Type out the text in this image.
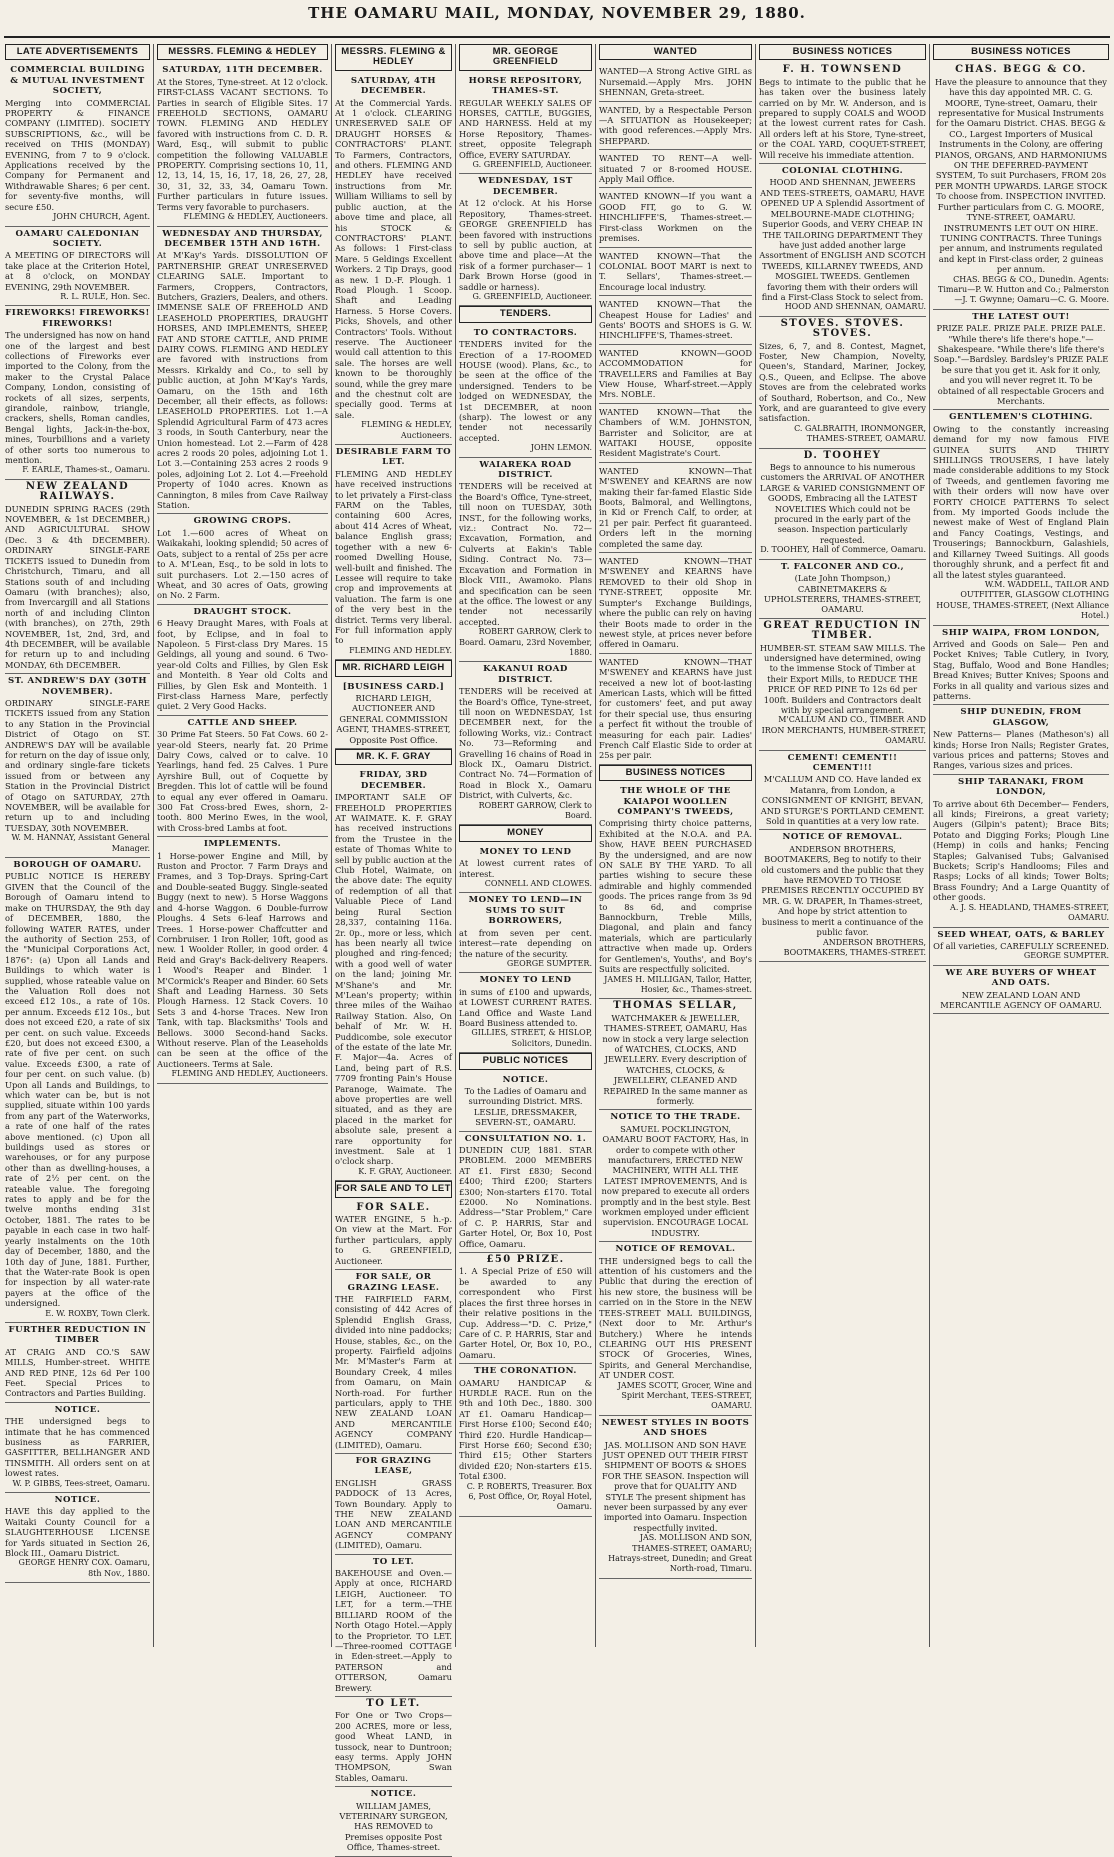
THE OAMARU MAIL, MONDAY, NOVEMBER 29, 1880.
LATE ADVERTISEMENTS
COMMERCIAL BUILDING & MUTUAL INVESTMENT SOCIETY,
Merging into COMMERCIAL PROPERTY & FINANCE COMPANY (LIMITED). SOCIETY SUBSCRIPTIONS, &c., will be received on THIS (MONDAY) EVENING, from 7 to 9 o'clock. Applications received by the Company for Permanent and Withdrawable Shares; 6 per cent. for seventy-five months, will secure £50.
JOHN CHURCH, Agent.
OAMARU CALEDONIAN SOCIETY.
A MEETING OF DIRECTORS will take place at the Criterion Hotel, at 8 o'clock, on MONDAY EVENING, 29th NOVEMBER.
R. L. RULE, Hon. Sec.
FIREWORKS! FIREWORKS! FIREWORKS!
The undersigned has now on hand one of the largest and best collections of Fireworks ever imported to the Colony, from the maker to the Crystal Palace Company, London, consisting of rockets of all sizes, serpents, girandole, rainbow, triangle, crackers, shells, Roman candles, Bengal lights, Jack-in-the-box, mines, Tourbillions and a variety of other sorts too numerous to mention.
F. EARLE, Thames-st., Oamaru.
NEW ZEALAND RAILWAYS.
DUNEDIN SPRING RACES (29th NOVEMBER, & 1st DECEMBER,) AND AGRICULTURAL SHOW (Dec. 3 & 4th DECEMBER). ORDINARY SINGLE-FARE TICKETS issued to Dunedin from Christchurch, Timaru, and all Stations south of and including Oamaru (with branches); also, from Invercargill and all Stations north of and including Clinton (with branches), on 27th, 29th NOVEMBER, 1st, 2nd, 3rd, and 4th DECEMBER, will be available for return up to and including MONDAY, 6th DECEMBER.
ST. ANDREW'S DAY (30TH NOVEMBER).
ORDINARY SINGLE-FARE TICKETS issued from any Station to any Station in the Provincial District of Otago on ST. ANDREW'S DAY will be available for return on the day of issue only, and ordinary single-fare tickets issued from or between any Station in the Provincial District of Otago on SATURDAY, 27th NOVEMBER, will be available for return up to and including TUESDAY, 30th NOVEMBER.
W. M. HANNAY, Assistant General Manager.
BOROUGH OF OAMARU.
PUBLIC NOTICE IS HEREBY GIVEN that the Council of the Borough of Oamaru intend to make on THURSDAY, the 9th day of DECEMBER, 1880, the following WATER RATES, under the authority of Section 253, of the "Municipal Corporations Act, 1876": (a) Upon all Lands and Buildings to which water is supplied, whose rateable value on the Valuation Roll does not exceed £12 10s., a rate of 10s. per annum. Exceeds £12 10s., but does not exceed £20, a rate of six per cent. on such value. Exceeds £20, but does not exceed £300, a rate of five per cent. on such value. Exceeds £300, a rate of four per cent. on such value. (b) Upon all Lands and Buildings, to which water can be, but is not supplied, situate within 100 yards from any part of the Waterworks, a rate of one half of the rates above mentioned. (c) Upon all buildings used as stores or warehouses, or for any purpose other than as dwelling-houses, a rate of 2½ per cent. on the rateable value. The foregoing rates to apply and be for the twelve months ending 31st October, 1881. The rates to be payable in each case in two half-yearly instalments on the 10th day of December, 1880, and the 10th day of June, 1881. Further, that the Water-rate Book is open for inspection by all water-rate payers at the office of the undersigned.
E. W. ROXBY, Town Clerk.
FURTHER REDUCTION IN TIMBER
AT CRAIG AND CO.'S SAW MILLS, Humber-street. WHITE AND RED PINE, 12s 6d Per 100 Feet. Special Prices to Contractors and Parties Building.
NOTICE.
THE undersigned begs to intimate that he has commenced business as FARRIER, GASFITTER, BELLHANGER AND TINSMITH. All orders sent on at lowest rates.
W. P. GIBBS, Tees-street, Oamaru.
NOTICE.
HAVE this day applied to the Waitaki County Council for a SLAUGHTERHOUSE LICENSE for Yards situated in Section 26, Block III., Oamaru District.
GEORGE HENRY COX. Oamaru, 8th Nov., 1880.
MESSRS. FLEMING & HEDLEY
SATURDAY, 11TH DECEMBER.
At the Stores, Tyne-street. At 12 o'clock. FIRST-CLASS VACANT SECTIONS. To Parties in search of Eligible Sites. 17 FREEHOLD SECTIONS, OAMARU TOWN. FLEMING AND HEDLEY favored with instructions from C. D. R. Ward, Esq., will submit to public competition the following VALUABLE PROPERTY. Comprising sections 10, 11, 12, 13, 14, 15, 16, 17, 18, 26, 27, 28, 30, 31, 32, 33, 34, Oamaru Town. Further particulars in future issues. Terms very favorable to purchasers.
FLEMING & HEDLEY, Auctioneers.
WEDNESDAY AND THURSDAY, DECEMBER 15TH AND 16TH.
At M'Kay's Yards. DISSOLUTION OF PARTNERSHIP. GREAT UNRESERVED CLEARING SALE. Important to Farmers, Croppers, Contractors, Butchers, Graziers, Dealers, and others. IMMENSE SALE OF FREEHOLD AND LEASEHOLD PROPERTIES, DRAUGHT HORSES, AND IMPLEMENTS, SHEEP, FAT AND STORE CATTLE, AND PRIME DAIRY COWS. FLEMING AND HEDLEY are favored with instructions from Messrs. Kirkaldy and Co., to sell by public auction, at John M'Kay's Yards, Oamaru, on the 15th and 16th December, all their effects, as follows: LEASEHOLD PROPERTIES. Lot 1.—A Splendid Agricultural Farm of 473 acres 3 roods, in South Canterbury, near the Union homestead. Lot 2.—Farm of 428 acres 2 roods 20 poles, adjoining Lot 1. Lot 3.—Containing 253 acres 2 roods 9 poles, adjoining Lot 2. Lot 4.—Freehold Property of 1040 acres. Known as Cannington, 8 miles from Cave Railway Station.
GROWING CROPS.
Lot 1.—600 acres of Wheat on Waikakahi, looking splendid; 50 acres of Oats, subject to a rental of 25s per acre to A. M'Lean, Esq., to be sold in lots to suit purchasers. Lot 2.—150 acres of Wheat, and 30 acres of Oats, growing on No. 2 Farm.
DRAUGHT STOCK.
6 Heavy Draught Mares, with Foals at foot, by Eclipse, and in foal to Napoleon. 5 First-class Dry Mares. 15 Geldings, all young and sound. 6 Two-year-old Colts and Fillies, by Glen Esk and Monteith. 8 Year old Colts and Fillies, by Glen Esk and Monteith. 1 First-class Harness Mare, perfectly quiet. 2 Very Good Hacks.
CATTLE AND SHEEP.
30 Prime Fat Steers. 50 Fat Cows. 60 2-year-old Steers, nearly fat. 20 Prime Dairy Cows, calved or to calve. 10 Yearlings, hand fed. 25 Calves. 1 Pure Ayrshire Bull, out of Coquette by Bregden. This lot of cattle will be found to equal any ever offered in Oamaru. 300 Fat Cross-bred Ewes, shorn, 2-tooth. 800 Merino Ewes, in the wool, with Cross-bred Lambs at foot.
IMPLEMENTS.
1 Horse-power Engine and Mill, by Ruston and Proctor. 7 Farm Drays and Frames, and 3 Top-Drays. Spring-Cart and Double-seated Buggy. Single-seated Buggy (next to new). 5 Horse Waggons and 4-horse Waggon. 6 Double-furrow Ploughs. 4 Sets 6-leaf Harrows and Trees. 1 Horse-power Chaffcutter and Cornbruiser. 1 Iron Roller, 10ft, good as new. 1 Woolder Roller, in good order. 4 Reid and Gray's Back-delivery Reapers. 1 Wood's Reaper and Binder. 1 M'Cormick's Reaper and Binder. 60 Sets Shaft and Leading Harness. 30 Sets Plough Harness. 12 Stack Covers. 10 Sets 3 and 4-horse Traces. New Iron Tank, with tap. Blacksmiths' Tools and Bellows. 3000 Second-hand Sacks. Without reserve. Plan of the Leaseholds can be seen at the office of the Auctioneers. Terms at Sale.
FLEMING AND HEDLEY, Auctioneers.
MESSRS. FLEMING & HEDLEY
SATURDAY, 4TH DECEMBER.
At the Commercial Yards. At 1 o'clock. CLEARING UNRESERVED SALE OF DRAUGHT HORSES & CONTRACTORS' PLANT. To Farmers, Contractors, and others. FLEMING AND HEDLEY have received instructions from Mr. William Williams to sell by public auction, at the above time and place, all his STOCK & CONTRACTORS' PLANT. As follows: 1 First-class Mare. 5 Geldings Excellent Workers. 2 Tip Drays, good as new. 1 D.-F. Plough. 1 Road Plough. 1 Scoop. Shaft and Leading Harness. 5 Horse Covers. Picks, Shovels, and other Contractors' Tools. Without reserve. The Auctioneer would call attention to this sale. The horses are well known to be thoroughly sound, while the grey mare and the chestnut colt are specially good. Terms at sale.
FLEMING & HEDLEY, Auctioneers.
DESIRABLE FARM TO LET.
FLEMING AND HEDLEY have received instructions to let privately a First-class FARM on the Tables, containing 600 Acres, about 414 Acres of Wheat, balance English grass; together with a new 6-roomed Dwelling House, well-built and finished. The Lessee will require to take crop and improvements at valuation. The farm is one of the very best in the district. Terms very liberal. For full information apply to
FLEMING AND HEDLEY.
MR. RICHARD LEIGH
[BUSINESS CARD.]
RICHARD LEIGH, AUCTIONEER AND GENERAL COMMISSION AGENT, THAMES-STREET, Opposite Post Office.
MR. K. F. GRAY
FRIDAY, 3RD DECEMBER.
IMPORTANT SALE OF FREEHOLD PROPERTIES AT WAIMATE. K. F. GRAY has received instructions from the Trustee in the estate of Thomas White to sell by public auction at the Club Hotel, Waimate, on the above date: The equity of redemption of all that Valuable Piece of Land being Rural Section 28,337, containing 116a. 2r. 0p., more or less, which has been nearly all twice ploughed and ring-fenced; with a good well of water on the land; joining Mr. M'Shane's and Mr. M'Lean's property; within three miles of the Waihao Railway Station. Also, On behalf of Mr. W. H. Puddicombe, sole executor of the estate of the late Mr. F. Major—4a. Acres of Land, being part of R.S. 7709 fronting Pain's House Paranoge, Waimate. The above properties are well situated, and as they are placed in the market for absolute sale, present a rare opportunity for investment. Sale at 1 o'clock sharp.
K. F. GRAY, Auctioneer.
FOR SALE AND TO LET
FOR SALE.
WATER ENGINE, 5 h.-p. On view at the Mart. For further particulars, apply to G. GREENFIELD, Auctioneer.
FOR SALE, OR GRAZING LEASE.
THE FAIRFIELD FARM, consisting of 442 Acres of Splendid English Grass, divided into nine paddocks; House, stables, &c., on the property. Fairfield adjoins Mr. M'Master's Farm at Boundary Creek, 4 miles from Oamaru, on Main North-road. For further particulars, apply to THE NEW ZEALAND LOAN AND MERCANTILE AGENCY COMPANY (LIMITED), Oamaru.
FOR GRAZING LEASE,
ENGLISH GRASS PADDOCK of 13 Acres, Town Boundary. Apply to THE NEW ZEALAND LOAN AND MERCANTILE AGENCY COMPANY (LIMITED), Oamaru.
TO LET.
BAKEHOUSE and Oven.—Apply at once, RICHARD LEIGH, Auctioneer. TO LET, for a term.—THE BILLIARD ROOM of the North Otago Hotel.—Apply to the Proprietor. TO LET.—Three-roomed COTTAGE in Eden-street.—Apply to PATERSON and OTTERSON, Oamaru Brewery.
TO LET.
For One or Two Crops— 200 ACRES, more or less, good Wheat LAND, in tussock, near to Duntroon; easy terms. Apply JOHN THOMPSON, Swan Stables, Oamaru.
NOTICE.
WILLIAM JAMES, VETERINARY SURGEON, HAS REMOVED to Premises opposite Post Office, Thames-street.
MR. GEORGE GREENFIELD
HORSE REPOSITORY, THAMES-ST.
REGULAR WEEKLY SALES OF HORSES, CATTLE, BUGGIES, AND HARNESS. Held at my Horse Repository, Thames-street, opposite Telegraph Office, EVERY SATURDAY.
G. GREENFIELD, Auctioneer.
WEDNESDAY, 1ST DECEMBER.
At 12 o'clock. At his Horse Repository, Thames-street. GEORGE GREENFIELD has been favored with instructions to sell by public auction, at above time and place—At the risk of a former purchaser— 1 Dark Brown Horse (good in saddle or harness).
G. GREENFIELD, Auctioneer.
TENDERS.
TO CONTRACTORS.
TENDERS invited for the Erection of a 17-ROOMED HOUSE (wood). Plans, &c., to be seen at the office of the undersigned. Tenders to be lodged on WEDNESDAY, the 1st DECEMBER, at noon (sharp). The lowest or any tender not necessarily accepted.
JOHN LEMON.
WAIAREKA ROAD DISTRICT.
TENDERS will be received at the Board's Office, Tyne-street, till noon on TUESDAY, 30th INST., for the following works, viz.: Contract No. 72—Excavation, Formation, and Culverts at Eakin's Table Siding. Contract No. 73—Excavation and Formation in Block VIII., Awamoko. Plans and specification can be seen at the office. The lowest or any tender not necessarily accepted.
ROBERT GARROW, Clerk to Board. Oamaru, 23rd November, 1880.
KAKANUI ROAD DISTRICT.
TENDERS will be received at the Board's Office, Tyne-street, till noon on WEDNESDAY, 1st DECEMBER next, for the following Works, viz.: Contract No. 73—Reforming and Gravelling 16 chains of Road in Block IX., Oamaru District. Contract No. 74—Formation of Road in Block X., Oamaru District, with Culverts, &c.
ROBERT GARROW, Clerk to Board.
MONEY
MONEY TO LEND
At lowest current rates of interest.
CONNELL AND CLOWES.
MONEY TO LEND—IN SUMS TO SUIT BORROWERS,
at from seven per cent. interest—rate depending on the nature of the security.
GEORGE SUMPTER.
MONEY TO LEND
in sums of £100 and upwards, at LOWEST CURRENT RATES. Land Office and Waste Land Board Business attended to.
GILLIES, STREET, & HISLOP, Solicitors, Dunedin.
PUBLIC NOTICES
NOTICE.
To the Ladies of Oamaru and surrounding District. MRS. LESLIE, DRESSMAKER, SEVERN-ST., OAMARU.
CONSULTATION NO. 1.
DUNEDIN CUP, 1881. STAR PROBLEM. 2000 MEMBERS AT £1. First £830; Second £400; Third £200; Starters £300; Non-starters £170. Total £2000. No Nominations. Address—"Star Problem," Care of C. P. HARRIS, Star and Garter Hotel, Or, Box 10, Post Office, Oamaru.
£50 PRIZE.
1. A Special Prize of £50 will be awarded to any correspondent who First places the first three horses in their relative positions in the Cup. Address—"D. C. Prize," Care of C. P. HARRIS, Star and Garter Hotel, Or, Box 10, P.O., Oamaru.
THE CORONATION.
OAMARU HANDICAP & HURDLE RACE. Run on the 9th and 10th Dec., 1880. 300 AT £1. Oamaru Handicap—First Horse £100; Second £40; Third £20. Hurdle Handicap—First Horse £60; Second £30; Third £15; Other Starters divided £20; Non-starters £15. Total £300.
C. P. ROBERTS, Treasurer. Box 6, Post Office, Or, Royal Hotel, Oamaru.
WANTED
WANTED—A Strong Active GIRL as Nursemaid.—Apply Mrs. JOHN SHENNAN, Greta-street.
WANTED, by a Respectable Person—A SITUATION as Housekeeper; with good references.—Apply Mrs. SHEPPARD.
WANTED TO RENT—A well-situated 7 or 8-roomed HOUSE. Apply Mail Office.
WANTED KNOWN—If you want a GOOD FIT, go to G. W. HINCHLIFFE'S, Thames-street.—First-class Workmen on the premises.
WANTED KNOWN—That the COLONIAL BOOT MART is next to T. Sellars', Thames-street.—Encourage local industry.
WANTED KNOWN—That the Cheapest House for Ladies' and Gents' BOOTS and SHOES is G. W. HINCHLIFFE'S, Thames-street.
WANTED KNOWN—GOOD ACCOMMODATION for TRAVELLERS and Families at Bay View House, Wharf-street.—Apply Mrs. NOBLE.
WANTED KNOWN—That the Chambers of W.M. JOHNSTON, Barrister and Solicitor, are at WAITAKI HOUSE, opposite Resident Magistrate's Court.
WANTED KNOWN—That M'SWENEY and KEARNS are now making their far-famed Elastic Side Boots, Balmoral, and Wellingtons, in Kid or French Calf, to order, at 21 per pair. Perfect fit guaranteed. Orders left in the morning completed the same day.
WANTED KNOWN—THAT M'SWENEY and KEARNS have REMOVED to their old Shop in TYNE-STREET, opposite Mr. Sumpter's Exchange Buildings, where the public can rely on having their Boots made to order in the newest style, at prices never before offered in Oamaru.
WANTED KNOWN—THAT M'SWENEY and KEARNS have just received a new lot of boot-lasting American Lasts, which will be fitted for customers' feet, and put away for their special use, thus ensuring a perfect fit without the trouble of measuring for each pair. Ladies' French Calf Elastic Side to order at 25s per pair.
BUSINESS NOTICES
THE WHOLE OF THE KAIAPOI WOOLLEN COMPANY'S TWEEDS,
Comprising thirty choice patterns, Exhibited at the N.O.A. and P.A. Show, HAVE BEEN PURCHASED By the undersigned, and are now ON SALE BY THE YARD. To all parties wishing to secure these admirable and highly commended goods. The prices range from 3s 9d to 8s 6d, and comprise Bannockburn, Treble Mills, Diagonal, and plain and fancy materials, which are particularly attractive when made up. Orders for Gentlemen's, Youths', and Boy's Suits are respectfully solicited.
JAMES H. MILLIGAN, Tailor, Hatter, Hosier, &c., Thames-street.
THOMAS SELLAR,
WATCHMAKER & JEWELLER, THAMES-STREET, OAMARU, Has now in stock a very large selection of WATCHES, CLOCKS, AND JEWELLERY. Every description of WATCHES, CLOCKS, & JEWELLERY, CLEANED AND REPAIRED In the same manner as formerly.
NOTICE TO THE TRADE.
SAMUEL POCKLINGTON, OAMARU BOOT FACTORY, Has, in order to compete with other manufacturers, ERECTED NEW MACHINERY, WITH ALL THE LATEST IMPROVEMENTS, And is now prepared to execute all orders promptly and in the best style. Best workmen employed under efficient supervision. ENCOURAGE LOCAL INDUSTRY.
NOTICE OF REMOVAL.
THE undersigned begs to call the attention of his customers and the Public that during the erection of his new store, the business will be carried on in the Store in the NEW TEES-STREET MALL BUILDINGS, (Next door to Mr. Arthur's Butchery.) Where he intends CLEARING OUT HIS PRESENT STOCK Of Groceries, Wines, Spirits, and General Merchandise, AT UNDER COST.
JAMES SCOTT, Grocer, Wine and Spirit Merchant, TEES-STREET, OAMARU.
NEWEST STYLES IN BOOTS AND SHOES
JAS. MOLLISON AND SON HAVE JUST OPENED OUT THEIR FIRST SHIPMENT OF BOOTS & SHOES FOR THE SEASON. Inspection will prove that for QUALITY AND STYLE The present shipment has never been surpassed by any ever imported into Oamaru. Inspection respectfully invited.
JAS. MOLLISON AND SON, THAMES-STREET, OAMARU; Hatrays-street, Dunedin; and Great North-road, Timaru.
BUSINESS NOTICES
F. H. TOWNSEND
Begs to intimate to the public that he has taken over the business lately carried on by Mr. W. Anderson, and is prepared to supply COALS and WOOD at the lowest current rates for Cash. All orders left at his Store, Tyne-street, or the COAL YARD, COQUET-STREET, Will receive his immediate attention.
COLONIAL CLOTHING.
HOOD AND SHENNAN, JEWEERS AND TEES-STREETS, OAMARU, HAVE OPENED UP A Splendid Assortment of MELBOURNE-MADE CLOTHING; Superior Goods, and VERY CHEAP. IN THE TAILORING DEPARTMENT They have just added another large Assortment of ENGLISH AND SCOTCH TWEEDS, KILLARNEY TWEEDS, AND MOSGIEL TWEEDS. Gentlemen favoring them with their orders will find a First-Class Stock to select from.
HOOD AND SHENNAN, OAMARU.
STOVES. STOVES. STOVES.
Sizes, 6, 7, and 8. Contest, Magnet, Foster, New Champion, Novelty, Queen's, Standard, Mariner, Jockey, Q.S., Queen, and Eclipse. The above Stoves are from the celebrated works of Southard, Robertson, and Co., New York, and are guaranteed to give every satisfaction.
C. GALBRAITH, IRONMONGER, THAMES-STREET, OAMARU.
D. TOOHEY
Begs to announce to his numerous customers the ARRIVAL OF ANOTHER LARGE & VARIED CONSIGNMENT OF GOODS, Embracing all the LATEST NOVELTIES Which could not be procured in the early part of the season. Inspection particularly requested.
D. TOOHEY, Hall of Commerce, Oamaru.
T. FALCONER AND CO.,
(Late John Thompson,) CABINETMAKERS & UPHOLSTERERS, THAMES-STREET, OAMARU.
GREAT REDUCTION IN TIMBER.
HUMBER-ST. STEAM SAW MILLS. The undersigned have determined, owing to the immense Stock of Timber at their Export Mills, to REDUCE THE PRICE OF RED PINE To 12s 6d per 100ft. Builders and Contractors dealt with by special arrangement.
M'CALLUM AND CO., TIMBER AND IRON MERCHANTS, HUMBER-STREET, OAMARU.
CEMENT! CEMENT!! CEMENT!!!
M'CALLUM AND CO. Have landed ex Matanra, from London, a CONSIGNMENT OF KNIGHT, BEVAN, AND STURGE'S PORTLAND CEMENT. Sold in quantities at a very low rate.
NOTICE OF REMOVAL.
ANDERSON BROTHERS, BOOTMAKERS, Beg to notify to their old customers and the public that they have REMOVED TO THOSE PREMISES RECENTLY OCCUPIED BY MR. G. W. DRAPER, In Thames-street, And hope by strict attention to business to merit a continuance of the public favor.
ANDERSON BROTHERS, BOOTMAKERS, THAMES-STREET.
BUSINESS NOTICES
CHAS. BEGG & CO.
Have the pleasure to announce that they have this day appointed MR. C. G. MOORE, Tyne-street, Oamaru, their representative for Musical Instruments for the Oamaru District. CHAS. BEGG & CO., Largest Importers of Musical Instruments in the Colony, are offering PIANOS, ORGANS, AND HARMONIUMS ON THE DEFERRED-PAYMENT SYSTEM, To suit Purchasers, FROM 20s PER MONTH UPWARDS. LARGE STOCK To choose from. INSPECTION INVITED. Further particulars from C. G. MOORE, TYNE-STREET, OAMARU. INSTRUMENTS LET OUT ON HIRE. TUNING CONTRACTS. Three Tunings per annum, and instruments regulated and kept in First-class order, 2 guineas per annum.
CHAS. BEGG & CO., Dunedin. Agents: Timaru—P. W. Hutton and Co.; Palmerston—J. T. Gwynne; Oamaru—C. G. Moore.
THE LATEST OUT!
PRIZE PALE. PRIZE PALE. PRIZE PALE. "While there's life there's hope."—Shakespeare. "While there's life there's Soap."—Bardsley. Bardsley's PRIZE PALE be sure that you get it. Ask for it only, and you will never regret it. To be obtained of all respectable Grocers and Merchants.
GENTLEMEN'S CLOTHING.
Owing to the constantly increasing demand for my now famous FIVE GUINEA SUITS AND THIRTY SHILLINGS TROUSERS, I have lately made considerable additions to my Stock of Tweeds, and gentlemen favoring me with their orders will now have over FORTY CHOICE PATTERNS To select from. My imported Goods include the newest make of West of England Plain and Fancy Coatings, Vestings, and Trouserings; Bannockburn, Galashiels, and Killarney Tweed Suitings. All goods thoroughly shrunk, and a perfect fit and all the latest styles guaranteed.
W.M. WADDELL, TAILOR AND OUTFITTER, GLASGOW CLOTHING HOUSE, THAMES-STREET, (Next Alliance Hotel.)
SHIP WAIPA, FROM LONDON,
Arrived and Goods on Sale— Pen and Pocket Knives; Table Cutlery, in Ivory, Stag, Buffalo, Wood and Bone Handles; Bread Knives; Butter Knives; Spoons and Forks in all quality and various sizes and patterns.
SHIP DUNEDIN, FROM GLASGOW,
New Patterns— Planes (Matheson's) all kinds; Horse Iron Nails; Register Grates, various prices and patterns; Stoves and Ranges, various sizes and prices.
SHIP TARANAKI, FROM LONDON,
To arrive about 6th December— Fenders, all kinds; Fireirons, a great variety; Augers (Gilpin's patent); Brace Bits; Potato and Digging Forks; Plough Line (Hemp) in coils and hanks; Fencing Staples; Galvanised Tubs; Galvanised Buckets; Scrip's Handlooms; Files and Rasps; Locks of all kinds; Tower Bolts; Brass Foundry; And a Large Quantity of other goods.
A. J. S. HEADLAND, THAMES-STREET, OAMARU.
SEED WHEAT, OATS, & BARLEY
Of all varieties, CAREFULLY SCREENED.
GEORGE SUMPTER.
WE ARE BUYERS OF WHEAT AND OATS.
NEW ZEALAND LOAN AND MERCANTILE AGENCY OF OAMARU.
